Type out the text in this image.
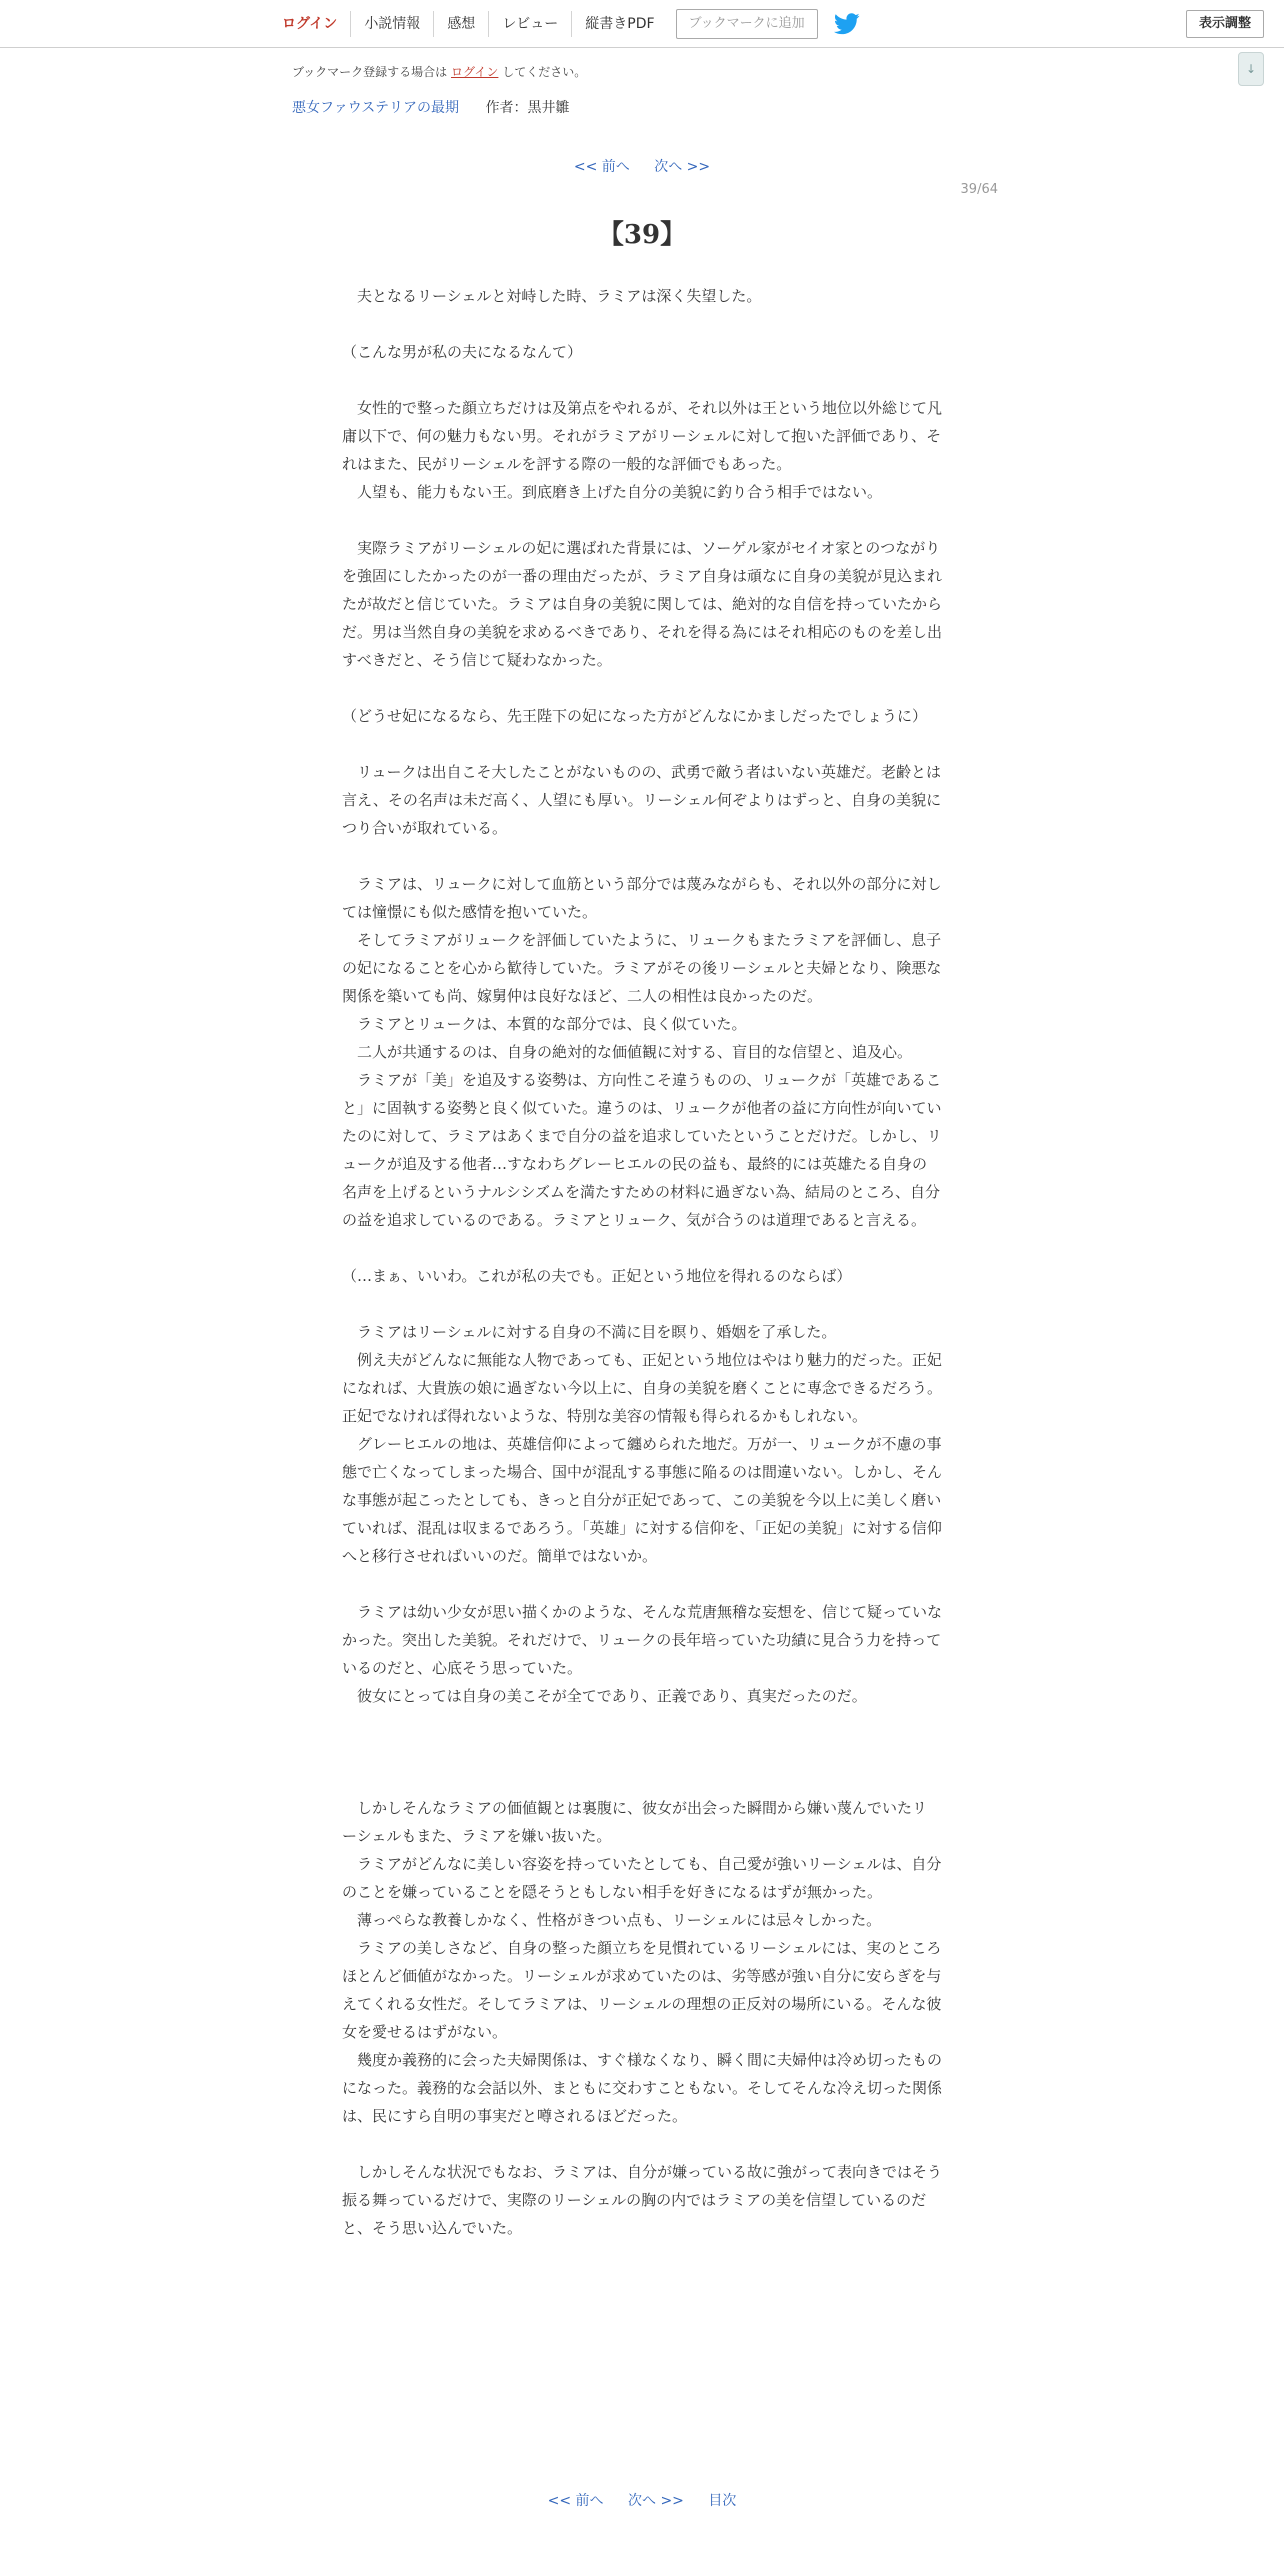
ログイン	小説情報	感想	レビュー	縦書きPDF	ブックマークに追加	表示調整
↓
ブックマーク登録する場合は ログイン してください。
悪女ファウステリアの最期 作者：黒井雛
<< 前へ 次へ >>
39/64
【39】
　夫となるリーシェルと対峙した時、ラミアは深く失望した。
（こんな男が私の夫になるなんて）
　女性的で整った顔立ちだけは及第点をやれるが、それ以外は王という地位以外総じて凡庸以下で、何の魅力もない男。それがラミアがリーシェルに対して抱いた評価であり、それはまた、民がリーシェルを評する際の一般的な評価でもあった。
　人望も、能力もない王。到底磨き上げた自分の美貌に釣り合う相手ではない。
　実際ラミアがリーシェルの妃に選ばれた背景には、ソーゲル家がセイオ家とのつながりを強固にしたかったのが一番の理由だったが、ラミア自身は頑なに自身の美貌が見込まれたが故だと信じていた。ラミアは自身の美貌に関しては、絶対的な自信を持っていたからだ。男は当然自身の美貌を求めるべきであり、それを得る為にはそれ相応のものを差し出すべきだと、そう信じて疑わなかった。
（どうせ妃になるなら、先王陛下の妃になった方がどんなにかましだったでしょうに）
　リュークは出自こそ大したことがないものの、武勇で敵う者はいない英雄だ。老齢とは言え、その名声は未だ高く、人望にも厚い。リーシェル何ぞよりはずっと、自身の美貌につり合いが取れている。
　ラミアは、リュークに対して血筋という部分では蔑みながらも、それ以外の部分に対しては憧憬にも似た感情を抱いていた。
　そしてラミアがリュークを評価していたように、リュークもまたラミアを評価し、息子の妃になることを心から歓待していた。ラミアがその後リーシェルと夫婦となり、険悪な関係を築いても尚、嫁舅仲は良好なほど、二人の相性は良かったのだ。
　ラミアとリュークは、本質的な部分では、良く似ていた。
　二人が共通するのは、自身の絶対的な価値観に対する、盲目的な信望と、追及心。
　ラミアが「美」を追及する姿勢は、方向性こそ違うものの、リュークが「英雄であること」に固執する姿勢と良く似ていた。違うのは、リュークが他者の益に方向性が向いていたのに対して、ラミアはあくまで自分の益を追求していたということだけだ。しかし、リュークが追及する他者…すなわちグレーヒエルの民の益も、最終的には英雄たる自身の名声を上げるというナルシシズムを満たすための材料に過ぎない為、結局のところ、自分の益を追求しているのである。ラミアとリューク、気が合うのは道理であると言える。
（…まぁ、いいわ。これが私の夫でも。正妃という地位を得れるのならば）
　ラミアはリーシェルに対する自身の不満に目を瞑り、婚姻を了承した。
　例え夫がどんなに無能な人物であっても、正妃という地位はやはり魅力的だった。正妃になれば、大貴族の娘に過ぎない今以上に、自身の美貌を磨くことに専念できるだろう。正妃でなければ得れないような、特別な美容の情報も得られるかもしれない。
　グレーヒエルの地は、英雄信仰によって纏められた地だ。万が一、リュークが不慮の事態で亡くなってしまった場合、国中が混乱する事態に陥るのは間違いない。しかし、そんな事態が起こったとしても、きっと自分が正妃であって、この美貌を今以上に美しく磨いていれば、混乱は収まるであろう。「英雄」に対する信仰を、「正妃の美貌」に対する信仰へと移行させればいいのだ。簡単ではないか。
　ラミアは幼い少女が思い描くかのような、そんな荒唐無稽な妄想を、信じて疑っていなかった。突出した美貌。それだけで、リュークの長年培っていた功績に見合う力を持っているのだと、心底そう思っていた。
　彼女にとっては自身の美こそが全てであり、正義であり、真実だったのだ。
　しかしそんなラミアの価値観とは裏腹に、彼女が出会った瞬間から嫌い蔑んでいたリーシェルもまた、ラミアを嫌い抜いた。
　ラミアがどんなに美しい容姿を持っていたとしても、自己愛が強いリーシェルは、自分のことを嫌っていることを隠そうともしない相手を好きになるはずが無かった。
　薄っぺらな教養しかなく、性格がきつい点も、リーシェルには忌々しかった。
　ラミアの美しさなど、自身の整った顔立ちを見慣れているリーシェルには、実のところほとんど価値がなかった。リーシェルが求めていたのは、劣等感が強い自分に安らぎを与えてくれる女性だ。そしてラミアは、リーシェルの理想の正反対の場所にいる。そんな彼女を愛せるはずがない。
　幾度か義務的に会った夫婦関係は、すぐ様なくなり、瞬く間に夫婦仲は冷め切ったものになった。義務的な会話以外、まともに交わすこともない。そしてそんな冷え切った関係は、民にすら自明の事実だと噂されるほどだった。
　しかしそんな状況でもなお、ラミアは、自分が嫌っている故に強がって表向きではそう振る舞っているだけで、実際のリーシェルの胸の内ではラミアの美を信望しているのだと、そう思い込んでいた。
<< 前へ 次へ >> 目次
